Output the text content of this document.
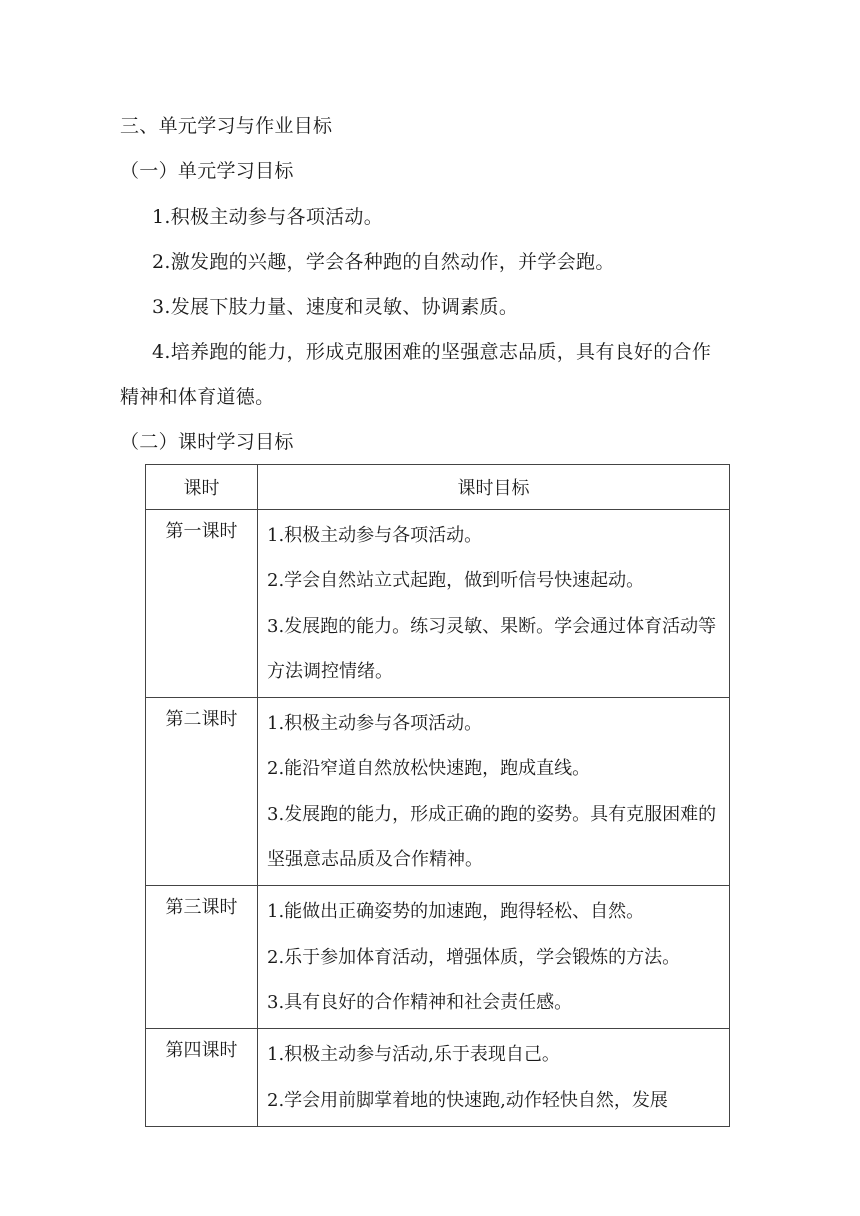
三、单元学习与作业目标
（一）单元学习目标
1.积极主动参与各项活动。
2.激发跑的兴趣，学会各种跑的自然动作，并学会跑。
3.发展下肢力量、速度和灵敏、协调素质。
4.培养跑的能力，形成克服困难的坚强意志品质，具有良好的合作
精神和体育道德。
（二）课时学习目标
课时	课时目标
第一课时	1.积极主动参与各项活动。
2.学会自然站立式起跑，做到听信号快速起动。
3.发展跑的能力。练习灵敏、果断。学会通过体育活动等方法调控情绪。

第二课时	1.积极主动参与各项活动。
2.能沿窄道自然放松快速跑，跑成直线。
3.发展跑的能力，形成正确的跑的姿势。具有克服困难的坚强意志品质及合作精神。

第三课时	1.能做出正确姿势的加速跑，跑得轻松、自然。
2.乐于参加体育活动，增强体质，学会锻炼的方法。
3.具有良好的合作精神和社会责任感。

第四课时	1.积极主动参与活动,乐于表现自己。
2.学会用前脚掌着地的快速跑,动作轻快自然，发展
